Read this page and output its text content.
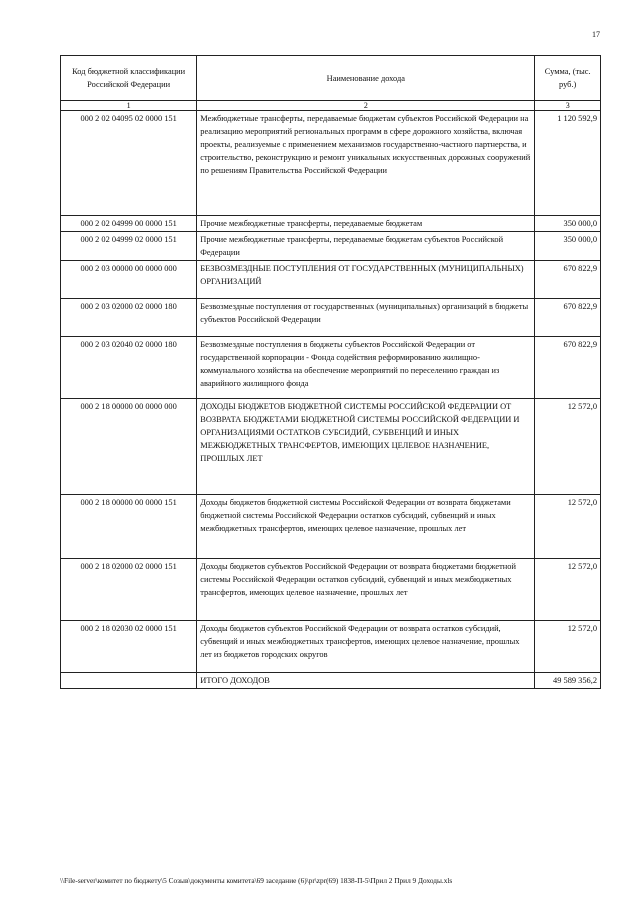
17
Код бюджетной классификации Российской Федерации	Наименование дохода	Сумма, (тыс. руб.)
1	2	3
000 2 02 04095 02 0000 151	Межбюджетные трансферты, передаваемые бюджетам субъектов Российской Федерации на реализацию мероприятий региональных программ в сфере дорожного хозяйства, включая проекты, реализуемые с применением механизмов государственно-частного партнерства, и строительство, реконструкцию и ремонт уникальных искусственных дорожных сооружений по решениям Правительства Российской Федерации	1 120 592,9
000 2 02 04999 00 0000 151	Прочие межбюджетные трансферты, передаваемые бюджетам	350 000,0
000 2 02 04999 02 0000 151	Прочие межбюджетные трансферты, передаваемые бюджетам субъектов Российской Федерации	350 000,0
000 2 03 00000 00 0000 000	БЕЗВОЗМЕЗДНЫЕ ПОСТУПЛЕНИЯ ОТ ГОСУДАРСТВЕННЫХ (МУНИЦИПАЛЬНЫХ) ОРГАНИЗАЦИЙ	670 822,9
000 2 03 02000 02 0000 180	Безвозмездные поступления от государственных (муниципальных) организаций в бюджеты субъектов Российской Федерации	670 822,9
000 2 03 02040 02 0000 180	Безвозмездные поступления в бюджеты субъектов Российской Федерации от государственной корпорации - Фонда содействия реформированию жилищно-коммунального хозяйства на обеспечение мероприятий по переселению граждан из аварийного жилищного фонда	670 822,9
000 2 18 00000 00 0000 000	ДОХОДЫ БЮДЖЕТОВ БЮДЖЕТНОЙ СИСТЕМЫ РОССИЙСКОЙ ФЕДЕРАЦИИ ОТ ВОЗВРАТА БЮДЖЕТАМИ БЮДЖЕТНОЙ СИСТЕМЫ РОССИЙСКОЙ ФЕДЕРАЦИИ И ОРГАНИЗАЦИЯМИ ОСТАТКОВ СУБСИДИЙ, СУБВЕНЦИЙ И ИНЫХ МЕЖБЮДЖЕТНЫХ ТРАНСФЕРТОВ, ИМЕЮЩИХ ЦЕЛЕВОЕ НАЗНАЧЕНИЕ, ПРОШЛЫХ ЛЕТ	12 572,0
000 2 18 00000 00 0000 151	Доходы бюджетов бюджетной системы Российской Федерации от возврата бюджетами бюджетной системы Российской Федерации остатков субсидий, субвенций и иных межбюджетных трансфертов, имеющих целевое назначение, прошлых лет	12 572,0
000 2 18 02000 02 0000 151	Доходы бюджетов субъектов Российской Федерации от возврата бюджетами бюджетной системы Российской Федерации остатков субсидий, субвенций и иных межбюджетных трансфертов, имеющих целевое назначение, прошлых лет	12 572,0
000 2 18 02030 02 0000 151	Доходы бюджетов субъектов Российской Федерации от возврата остатков субсидий, субвенций и иных межбюджетных трансфертов, имеющих целевое назначение, прошлых лет из бюджетов городских округов	12 572,0
	ИТОГО ДОХОДОВ	49 589 356,2
\\File-server\комитет по бюджету\5 Созыв\документы комитета\69 заседание (6)\pr\zpr(69) 1838-П-5\Прил 2 Прил 9 Доходы.xls
